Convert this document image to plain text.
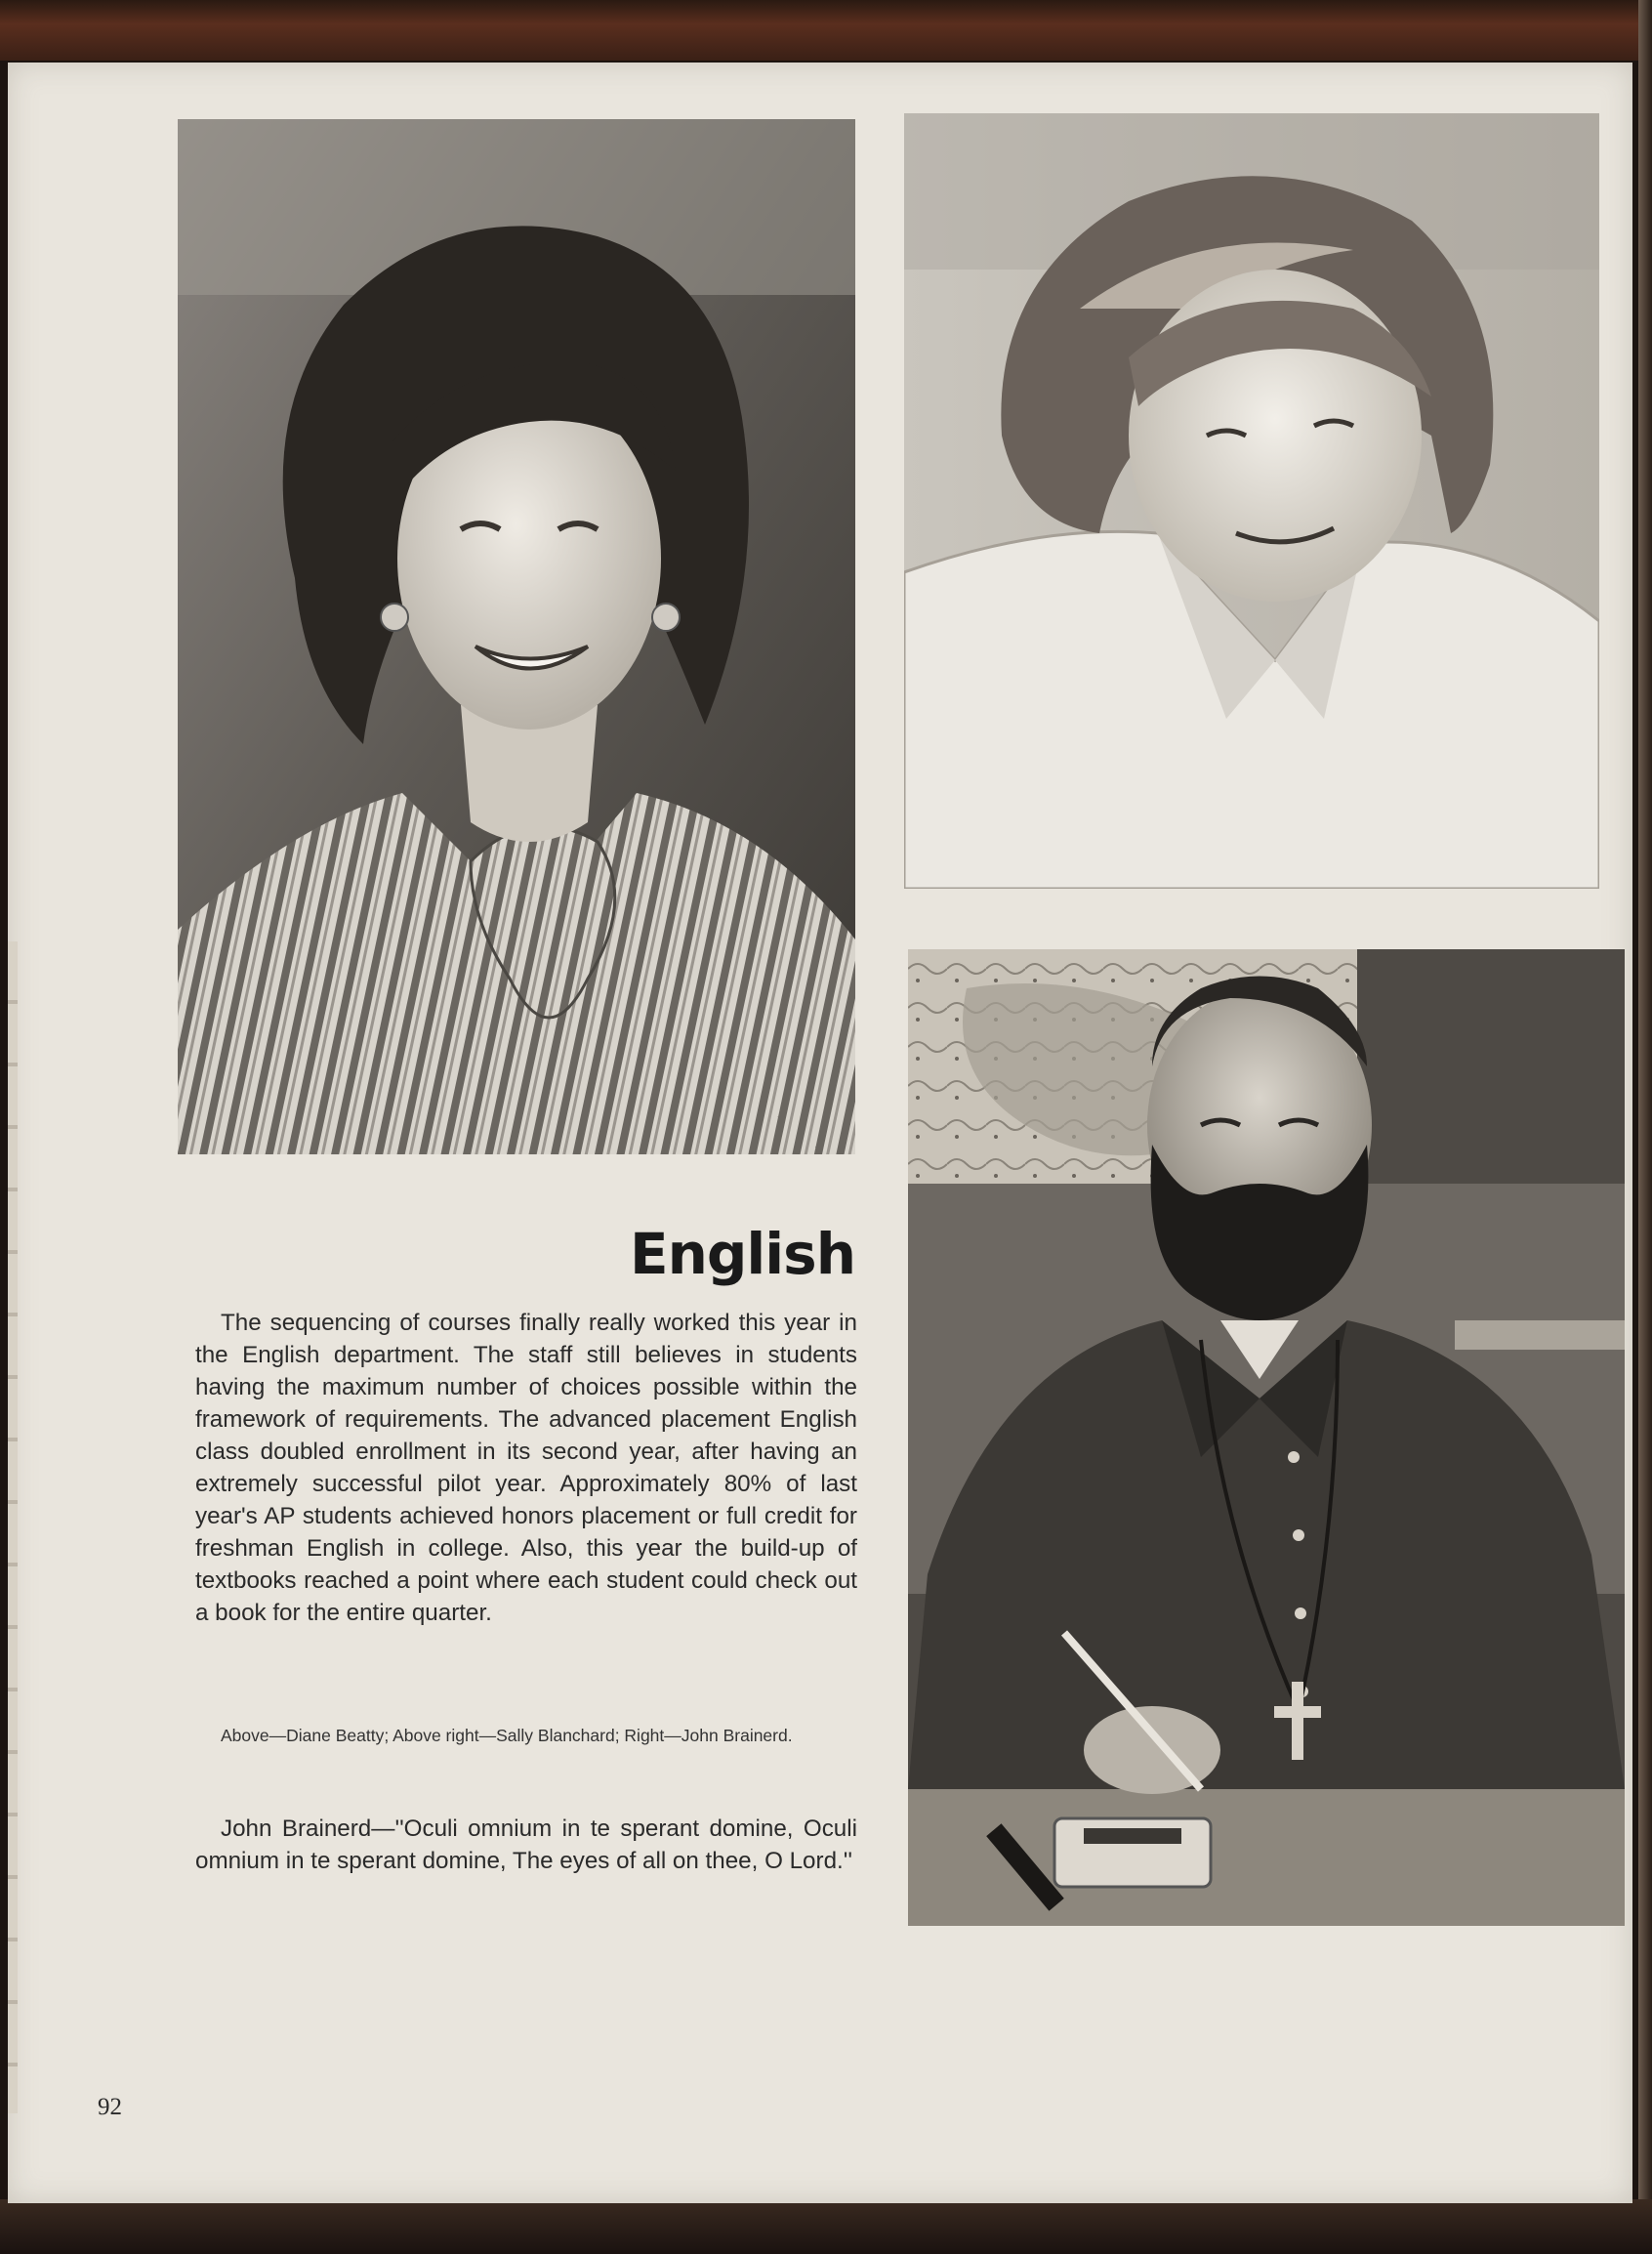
English

The sequencing of courses finally really worked this year in the English department. The staff still believes in students having the maximum number of choices possible within the framework of requirements. The advanced placement English class doubled enrollment in its second year, after having an extremely successful pilot year. Approximately 80% of last year's AP students achieved honors placement or full credit for freshman English in college. Also, this year the build-up of textbooks reached a point where each student could check out a book for the entire quarter.

Above—Diane Beatty; Above right—Sally Blanchard; Right—John Brainerd.

John Brainerd—''Oculi omnium in te sperant domine, Oculi omnium in te sperant domine, The eyes of all on thee, O Lord.''

92
